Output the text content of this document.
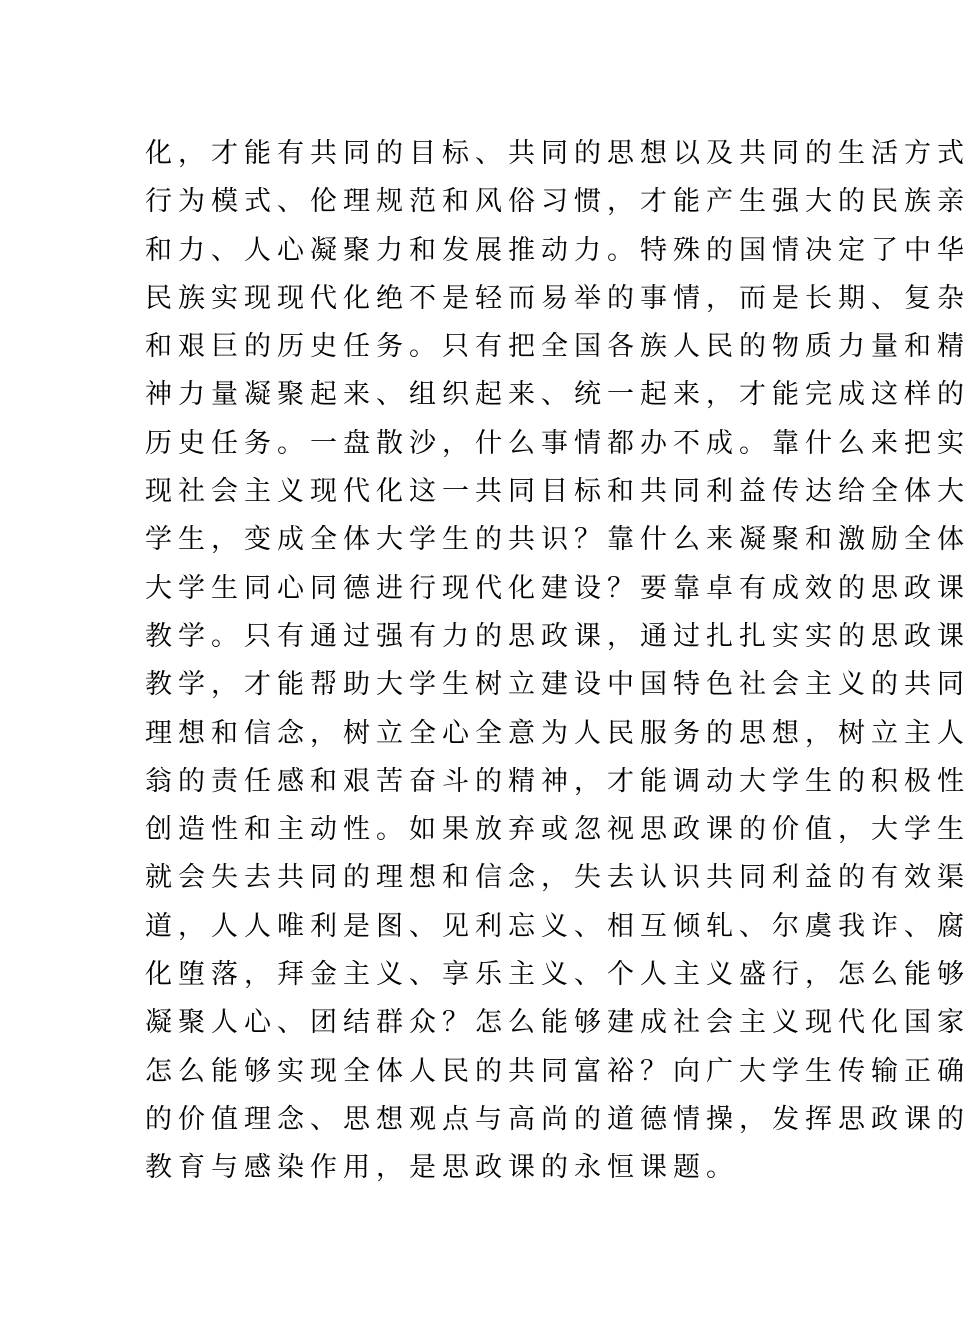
化，才能有共同的目标、共同的思想以及共同的生活方式
行为模式、伦理规范和风俗习惯，才能产生强大的民族亲
和力、人心凝聚力和发展推动力。特殊的国情决定了中华
民族实现现代化绝不是轻而易举的事情，而是长期、复杂
和艰巨的历史任务。只有把全国各族人民的物质力量和精
神力量凝聚起来、组织起来、统一起来，才能完成这样的
历史任务。一盘散沙，什么事情都办不成。靠什么来把实
现社会主义现代化这一共同目标和共同利益传达给全体大
学生，变成全体大学生的共识？靠什么来凝聚和激励全体
大学生同心同德进行现代化建设？要靠卓有成效的思政课
教学。只有通过强有力的思政课，通过扎扎实实的思政课
教学，才能帮助大学生树立建设中国特色社会主义的共同
理想和信念，树立全心全意为人民服务的思想，树立主人
翁的责任感和艰苦奋斗的精神，才能调动大学生的积极性
创造性和主动性。如果放弃或忽视思政课的价值，大学生
就会失去共同的理想和信念，失去认识共同利益的有效渠
道，人人唯利是图、见利忘义、相互倾轧、尔虞我诈、腐
化堕落，拜金主义、享乐主义、个人主义盛行，怎么能够
凝聚人心、团结群众？怎么能够建成社会主义现代化国家
怎么能够实现全体人民的共同富裕？向广大学生传输正确
的价值理念、思想观点与高尚的道德情操，发挥思政课的
教育与感染作用，是思政课的永恒课题。
